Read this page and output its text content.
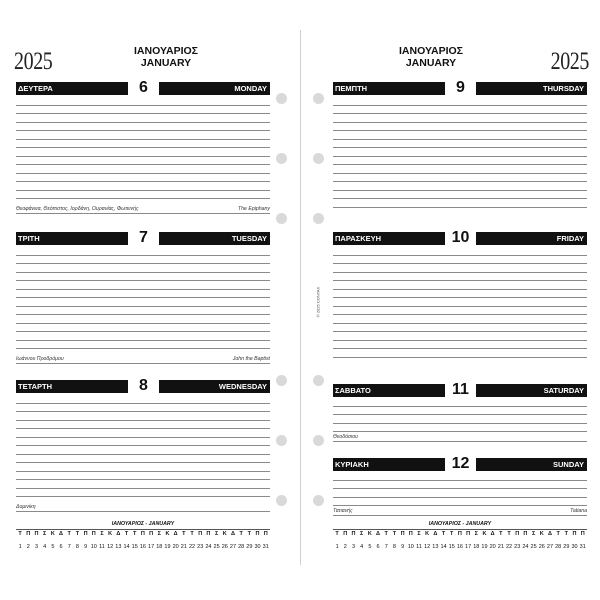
© 2025 CONTAX
2025	ΙΑΝΟΥΑΡΙΟΣ
JANUARY
ΔΕΥΤΕΡΑ	6	MONDAY
Θεοφάνεια, Θεόπιστος, Ιορδάνη, Ουρανίας, Φωτεινής	The Epiphany
ΤΡΙΤΗ	7	TUESDAY
Ιωάννου Προδρόμου	John the Baptist
ΤΕΤΑΡΤΗ	8	WEDNESDAY
Δομινίκη
ΙΑΝΟΥΑΡΙΟΣ - JANUARY
Τ Π Π Σ Κ Δ Τ Τ Π Π Σ Κ Δ Τ Τ Π Π Σ Κ Δ Τ Τ Π Π Σ Κ Δ Τ Τ Π Π
1 2 3 4 5 6 7 8 9 10 11 12 13 14 15 16 17 18 19 20 21 22 23 24 25 26 27 28 29 30 31
2025
ΙΑΝΟΥΑΡΙΟΣ
JANUARY
ΠΕΜΠΤΗ	9	THURSDAY
ΠΑΡΑΣΚΕΥΗ	10	FRIDAY
ΣΑΒΒΑΤΟ	11	SATURDAY
Θεοδόσιου
ΚΥΡΙΑΚΗ	12	SUNDAY
Τατιανής	Tatiana
ΙΑΝΟΥΑΡΙΟΣ - JANUARY
Τ Π Π Σ Κ Δ Τ Τ Π Π Σ Κ Δ Τ Τ Π Π Σ Κ Δ Τ Τ Π Π Σ Κ Δ Τ Τ Π Π
1 2 3 4 5 6 7 8 9 10 11 12 13 14 15 16 17 18 19 20 21 22 23 24 25 26 27 28 29 30 31
